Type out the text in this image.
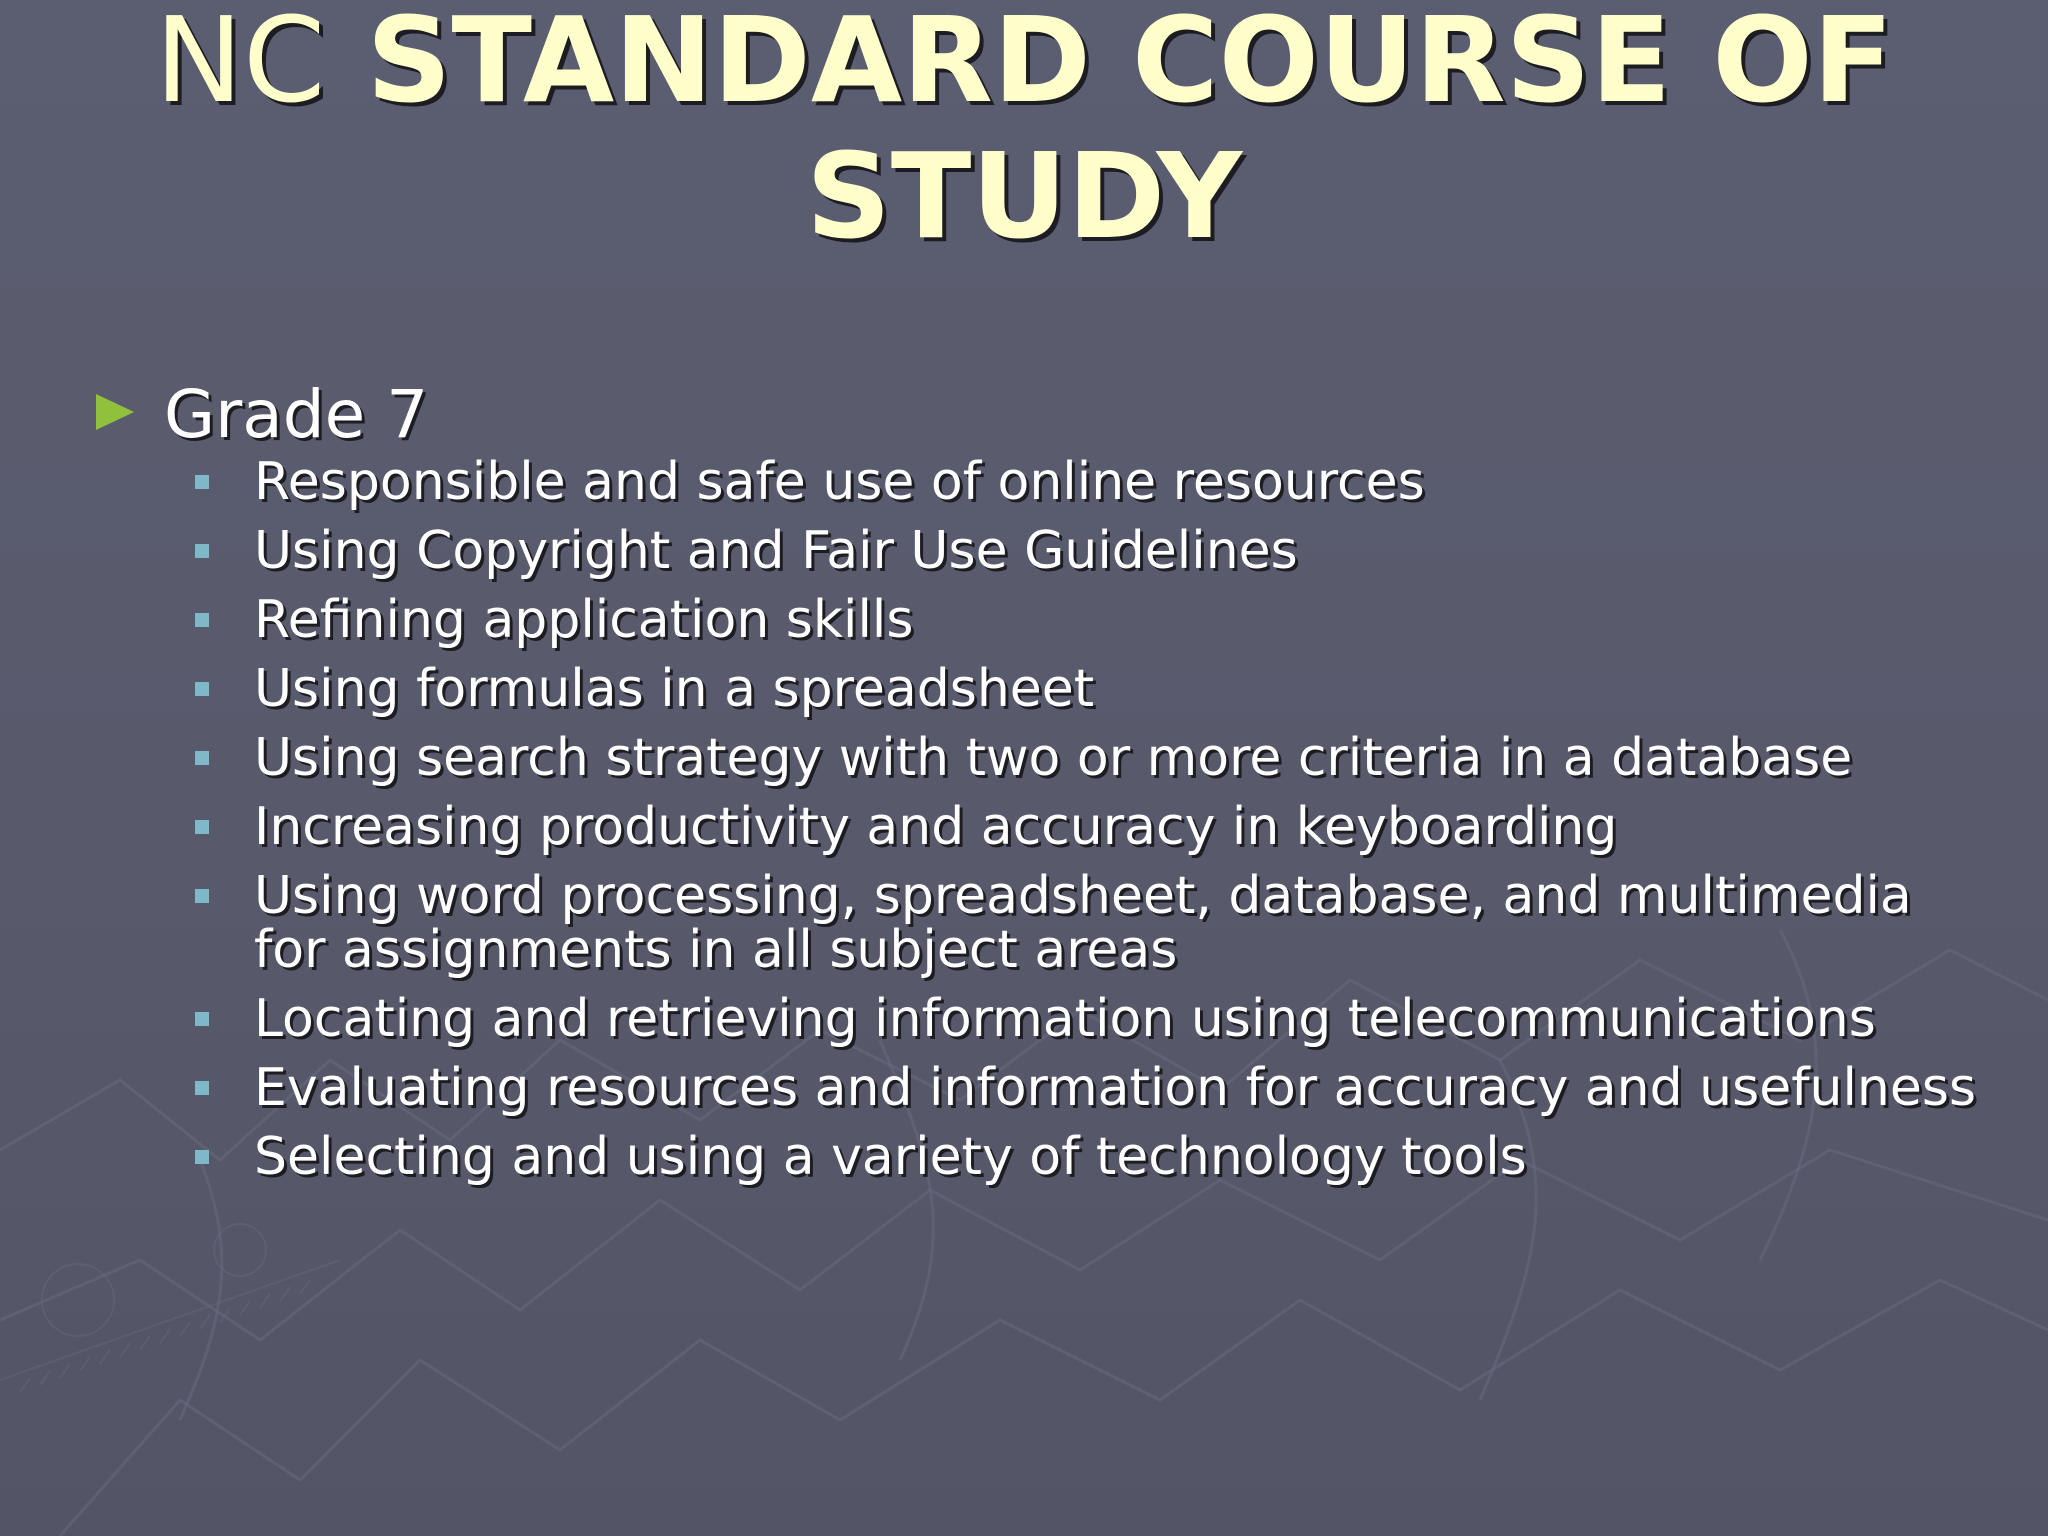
NC STANDARD COURSE OF
STUDY
Grade 7
Responsible and safe use of online resources
Using Copyright and Fair Use Guidelines
Refining application skills
Using formulas in a spreadsheet
Using search strategy with two or more criteria in a database
Increasing productivity and accuracy in keyboarding
Using word processing, spreadsheet, database, and multimedia for assignments in all subject areas
Locating and retrieving information using telecommunications
Evaluating resources and information for accuracy and usefulness
Selecting and using a variety of technology tools
